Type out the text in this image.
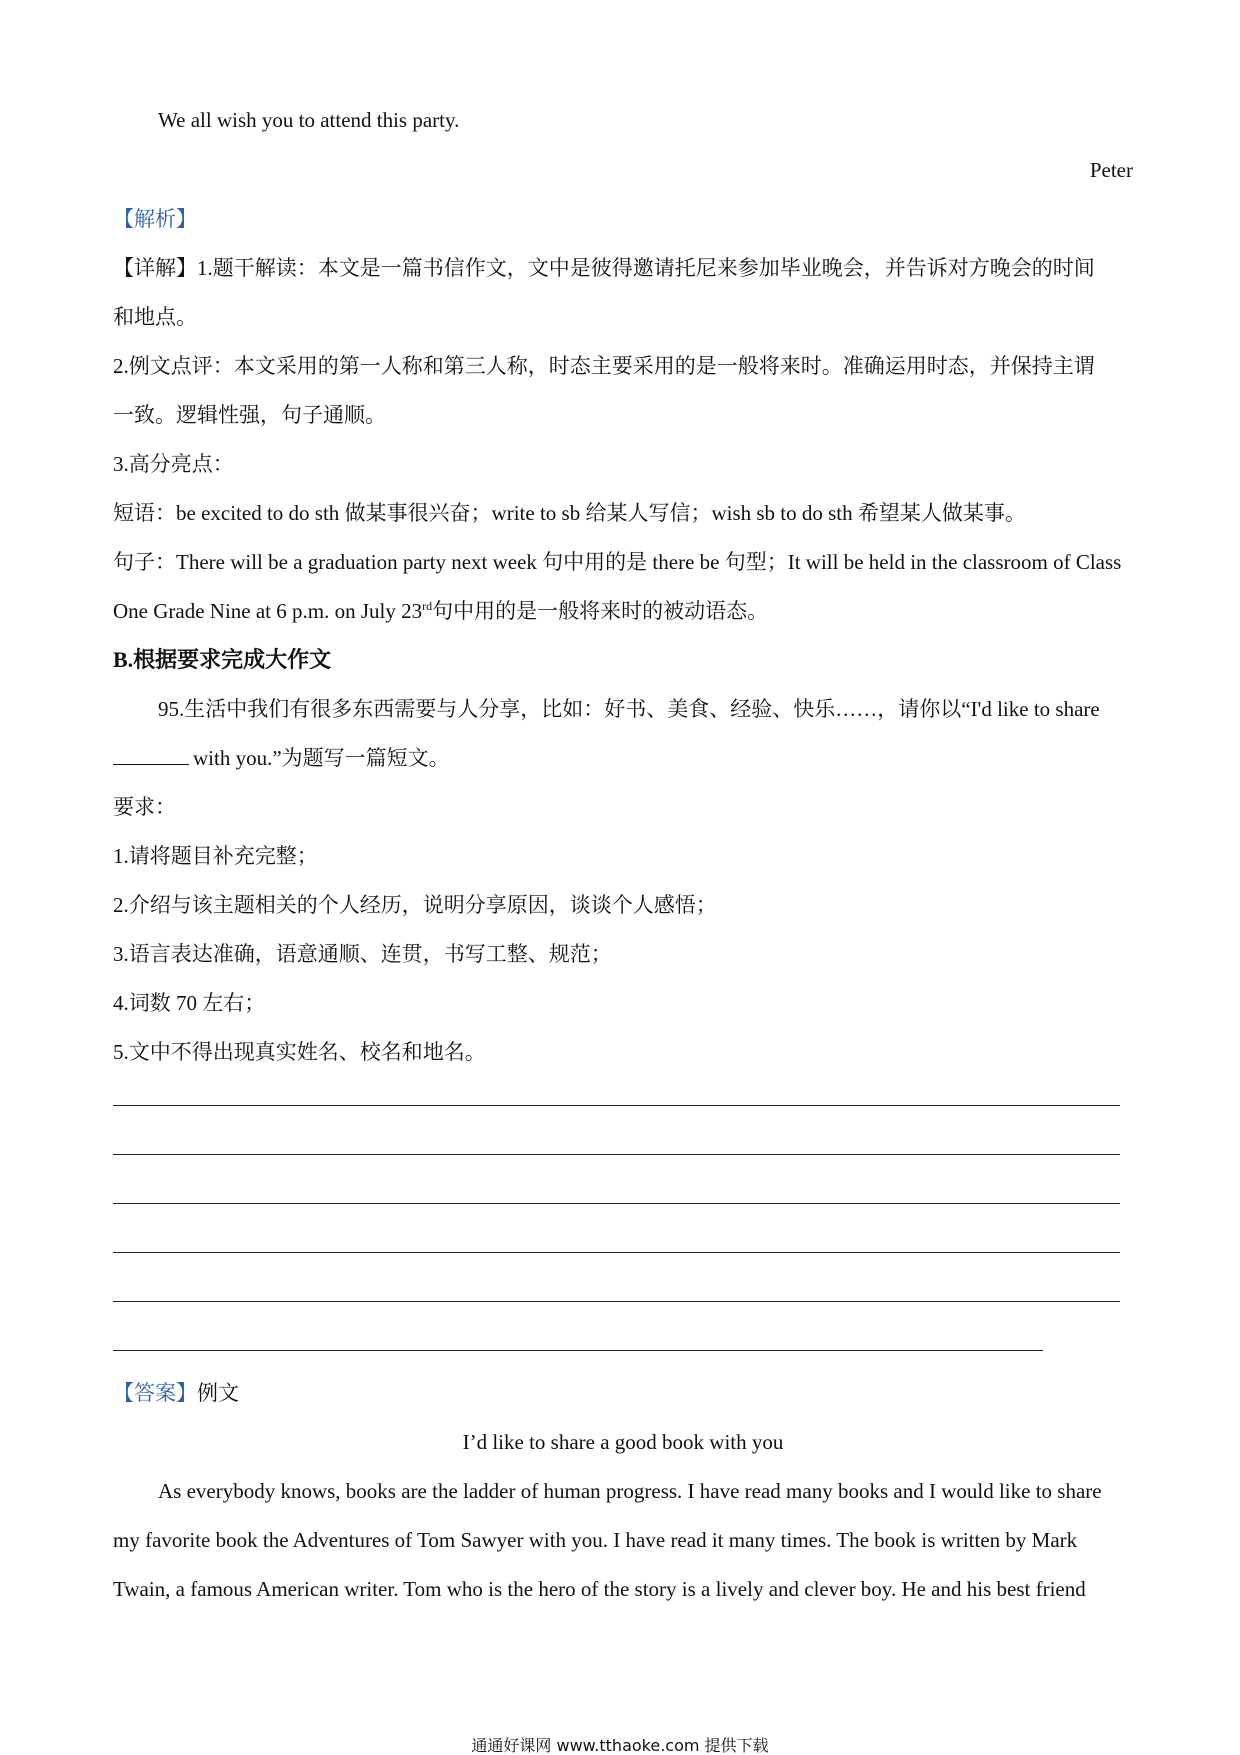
We all wish you to attend this party.
Peter
【解析】
【详解】1.题干解读：本文是一篇书信作文，文中是彼得邀请托尼来参加毕业晚会，并告诉对方晚会的时间
和地点。
2.例文点评：本文采用的第一人称和第三人称，时态主要采用的是一般将来时。准确运用时态，并保持主谓
一致。逻辑性强，句子通顺。
3.高分亮点：
短语：be excited to do sth 做某事很兴奋；write to sb 给某人写信；wish sb to do sth 希望某人做某事。
句子：There will be a graduation party next week 句中用的是 there be 句型；It will be held in the classroom of Class
One Grade Nine at 6 p.m. on July 23rd句中用的是一般将来时的被动语态。
B.根据要求完成大作文
95.生活中我们有很多东西需要与人分享，比如：好书、美食、经验、快乐……，请你以“I'd like to share
with you.”为题写一篇短文。
要求：
1.请将题目补充完整；
2.介绍与该主题相关的个人经历，说明分享原因，谈谈个人感悟；
3.语言表达准确，语意通顺、连贯，书写工整、规范；
4.词数 70 左右；
5.文中不得出现真实姓名、校名和地名。
【答案】例文
I’d like to share a good book with you
As everybody knows, books are the ladder of human progress. I have read many books and I would like to share
my favorite book the Adventures of Tom Sawyer with you. I have read it many times. The book is written by Mark
Twain, a famous American writer. Tom who is the hero of the story is a lively and clever boy. He and his best friend
通通好课网 www.tthaoke.com 提供下载
